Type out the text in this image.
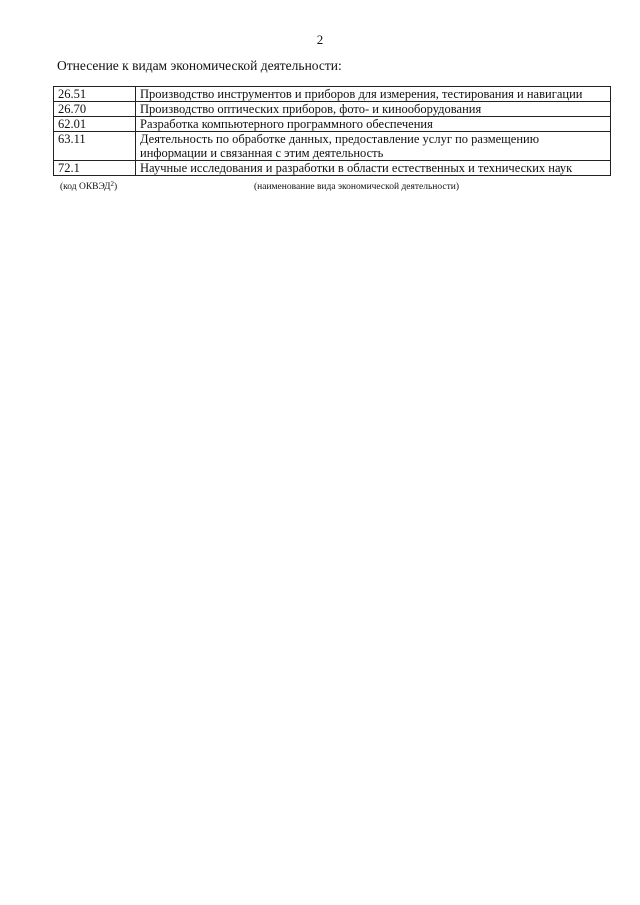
2
Отнесение к видам экономической деятельности:
26.51	Производство инструментов и приборов для измерения, тестирования и навигации
26.70	Производство оптических приборов, фото- и кинооборудования
62.01	Разработка компьютерного программного обеспечения
63.11	Деятельность по обработке данных, предоставление услуг по размещению информации и связанная с этим деятельность
72.1	Научные исследования и разработки в области естественных и технических наук
(код ОКВЭД$^2$)	(наименование вида экономической деятельности)
